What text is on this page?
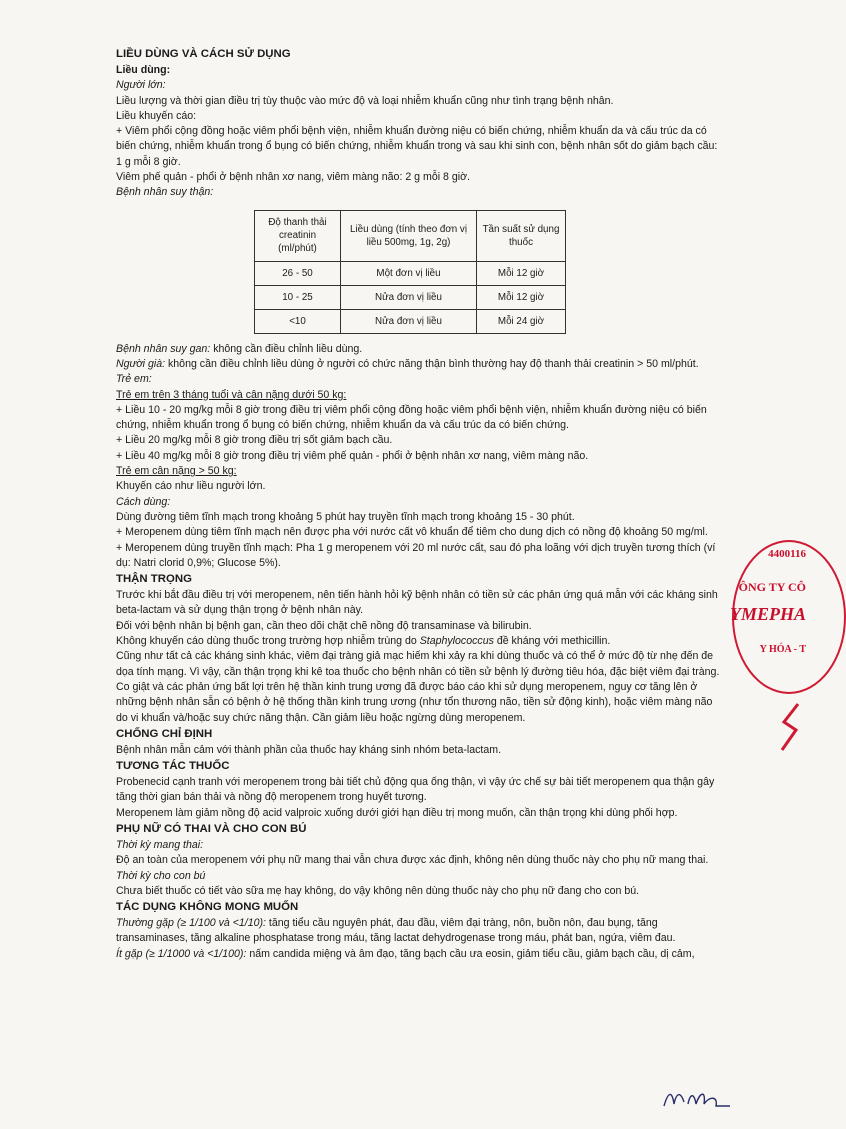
LIỀU DÙNG VÀ CÁCH SỬ DỤNG

Liều dùng:

Người lớn:

Liều lượng và thời gian điều trị tùy thuộc vào mức độ và loại nhiễm khuẩn cũng như tình trạng bệnh nhân.

Liều khuyến cáo:

+ Viêm phổi cộng đồng hoặc viêm phổi bệnh viện, nhiễm khuẩn đường niệu có biến chứng, nhiễm khuẩn da và cấu trúc da có biến chứng, nhiễm khuẩn trong ổ bụng có biến chứng, nhiễm khuẩn trong và sau khi sinh con, bệnh nhân sốt do giảm bạch cầu: 1 g mỗi 8 giờ.

Viêm phế quản - phổi ở bệnh nhân xơ nang, viêm màng não: 2 g mỗi 8 giờ.

Bệnh nhân suy thận:

Độ thanh thải creatinin (ml/phút)	Liều dùng (tính theo đơn vị liều 500mg, 1g, 2g)	Tần suất sử dụng thuốc
26 - 50	Một đơn vị liều	Mỗi 12 giờ
10 - 25	Nửa đơn vị liều	Mỗi 12 giờ
<10	Nửa đơn vị liều	Mỗi 24 giờ

Bệnh nhân suy gan: không cần điều chỉnh liều dùng.

Người già: không cần điều chỉnh liều dùng ở người có chức năng thận bình thường hay độ thanh thải creatinin > 50 ml/phút.

Trẻ em:

Trẻ em trên 3 tháng tuổi và cân nặng dưới 50 kg:

+ Liều 10 - 20 mg/kg mỗi 8 giờ trong điều trị viêm phổi cộng đồng hoặc viêm phổi bệnh viện, nhiễm khuẩn đường niệu có biến chứng, nhiễm khuẩn trong ổ bụng có biến chứng, nhiễm khuẩn da và cấu trúc da có biến chứng.

+ Liều 20 mg/kg mỗi 8 giờ trong điều trị sốt giảm bạch cầu.

+ Liều 40 mg/kg mỗi 8 giờ trong điều trị viêm phế quản - phổi ở bệnh nhân xơ nang, viêm màng não.

Trẻ em cân nặng > 50 kg:

Khuyến cáo như liều người lớn.

Cách dùng:

Dùng đường tiêm tĩnh mạch trong khoảng 5 phút hay truyền tĩnh mạch trong khoảng 15 - 30 phút.

+ Meropenem dùng tiêm tĩnh mạch nên được pha với nước cất vô khuẩn để tiêm cho dung dịch có nồng độ khoảng 50 mg/ml.

+ Meropenem dùng truyền tĩnh mạch: Pha 1 g meropenem với 20 ml nước cất, sau đó pha loãng với dịch truyền tương thích (ví dụ: Natri clorid 0,9%; Glucose 5%).

THẬN TRỌNG

Trước khi bắt đầu điều trị với meropenem, nên tiến hành hỏi kỹ bệnh nhân có tiền sử các phản ứng quá mẫn với các kháng sinh beta-lactam và sử dụng thận trọng ở bệnh nhân này.

Đối với bệnh nhân bị bệnh gan, cần theo dõi chặt chẽ nồng độ transaminase và bilirubin.

Không khuyến cáo dùng thuốc trong trường hợp nhiễm trùng do Staphylococcus đề kháng với methicillin.

Cũng như tất cả các kháng sinh khác, viêm đại tràng giả mạc hiếm khi xảy ra khi dùng thuốc và có thể ở mức độ từ nhẹ đến đe dọa tính mạng. Vì vậy, cần thận trọng khi kê toa thuốc cho bệnh nhân có tiền sử bệnh lý đường tiêu hóa, đặc biệt viêm đại tràng.

Co giật và các phản ứng bất lợi trên hệ thần kinh trung ương đã được báo cáo khi sử dụng meropenem, nguy cơ tăng lên ở những bệnh nhân sẵn có bệnh ở hệ thống thần kinh trung ương (như tổn thương não, tiền sử động kinh), hoặc viêm màng não do vi khuẩn và/hoặc suy chức năng thận. Cần giảm liều hoặc ngừng dùng meropenem.

CHỐNG CHỈ ĐỊNH

Bệnh nhân mẫn cảm với thành phần của thuốc hay kháng sinh nhóm beta-lactam.

TƯƠNG TÁC THUỐC

Probenecid cạnh tranh với meropenem trong bài tiết chủ động qua ống thận, vì vậy ức chế sự bài tiết meropenem qua thận gây tăng thời gian bán thải và nồng độ meropenem trong huyết tương.

Meropenem làm giảm nồng độ acid valproic xuống dưới giới hạn điều trị mong muốn, cần thận trọng khi dùng phối hợp.

PHỤ NỮ CÓ THAI VÀ CHO CON BÚ

Thời kỳ mang thai:

Độ an toàn của meropenem với phụ nữ mang thai vẫn chưa được xác định, không nên dùng thuốc này cho phụ nữ mang thai.

Thời kỳ cho con bú

Chưa biết thuốc có tiết vào sữa mẹ hay không, do vậy không nên dùng thuốc này cho phụ nữ đang cho con bú.

TÁC DỤNG KHÔNG MONG MUỐN

Thường gặp (≥ 1/100 và <1/10): tăng tiểu cầu nguyên phát, đau đầu, viêm đại tràng, nôn, buồn nôn, đau bụng, tăng transaminases, tăng alkaline phosphatase trong máu, tăng lactat dehydrogenase trong máu, phát ban, ngứa, viêm đau.

Ít gặp (≥ 1/1000 và <1/100): nấm candida miệng và âm đạo, tăng bạch cầu ưa eosin, giảm tiểu cầu, giảm bạch cầu, dị cảm,

4400116
ÔNG TY CÔ
YMEPHA
Y HÓA - T
